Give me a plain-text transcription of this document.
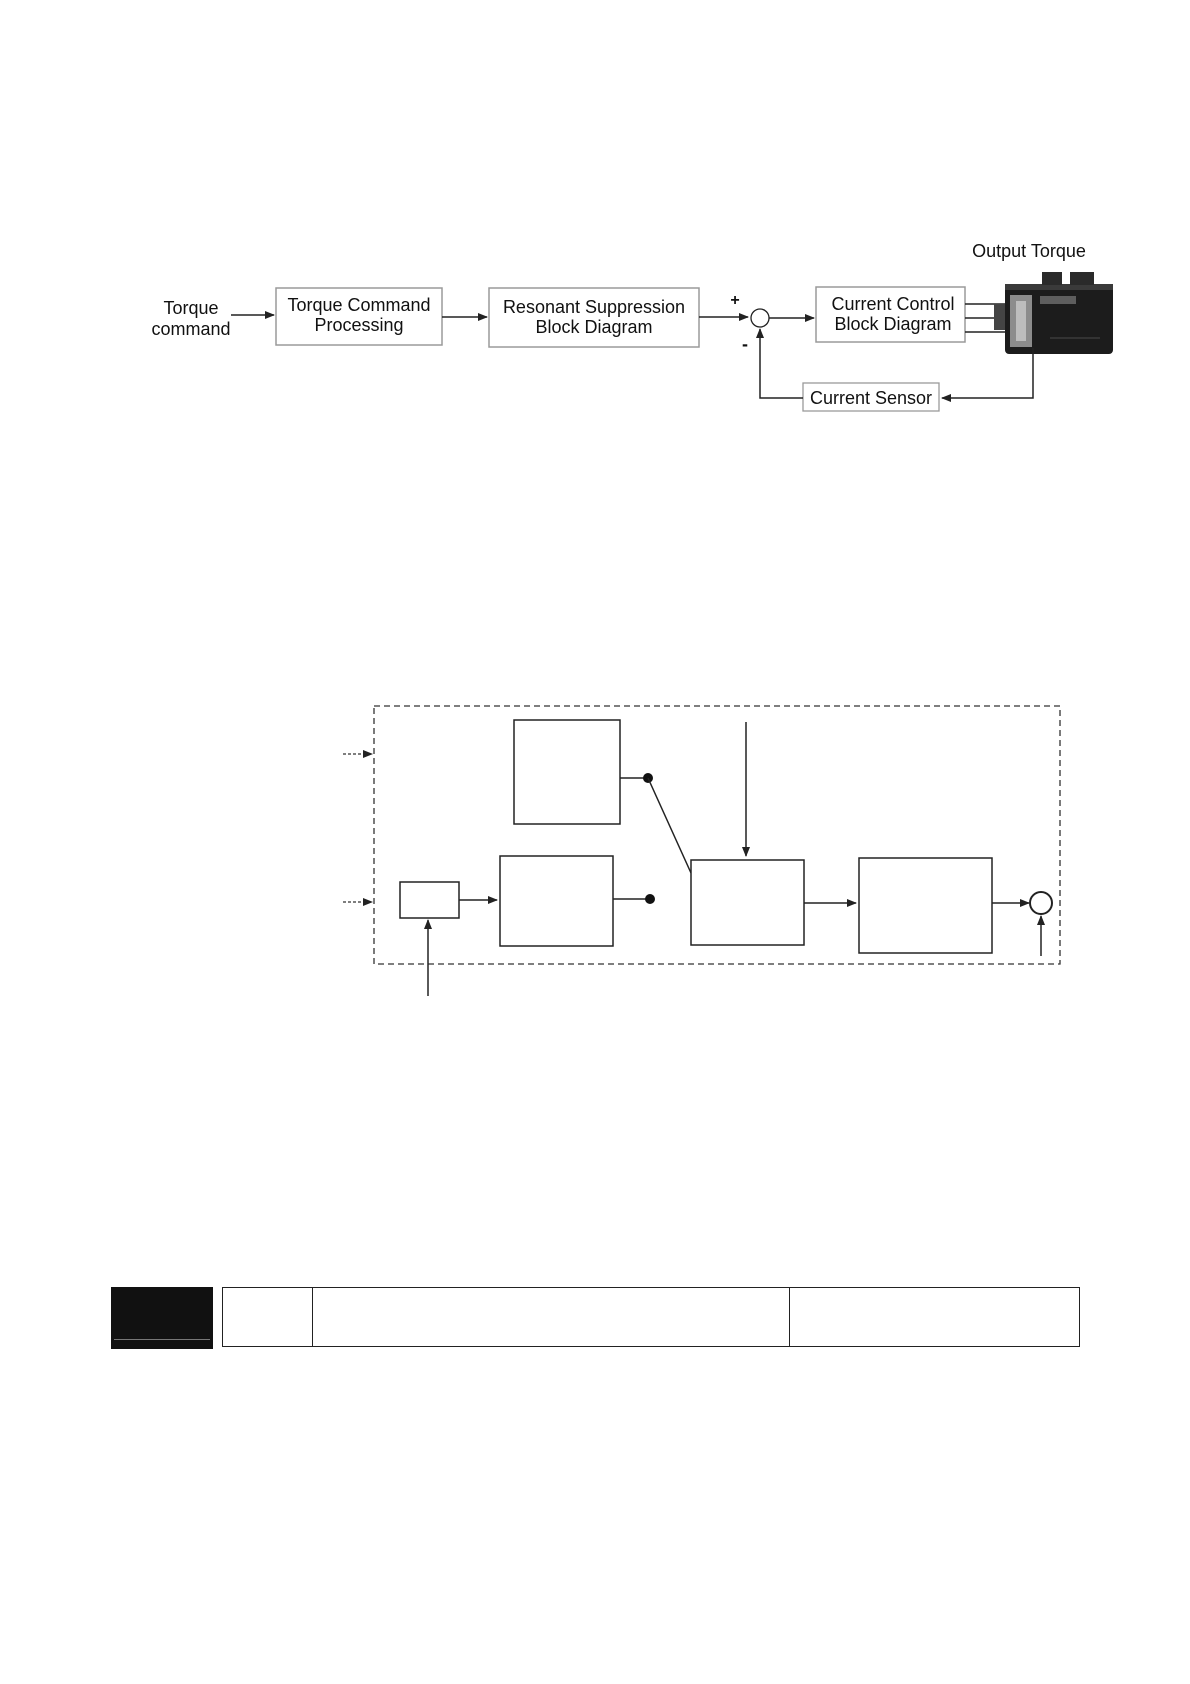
Torque
command
Torque Command
Processing
Resonant Suppression
Block Diagram
+
-
Current Control
Block Diagram
Output Torque
Current Sensor
